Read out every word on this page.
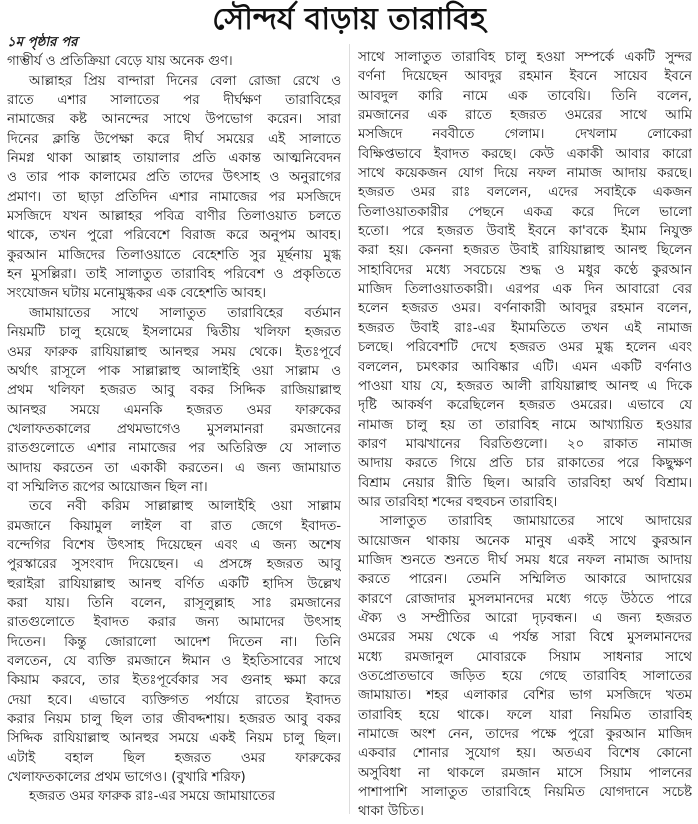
সৌন্দর্য বাড়ায় তারাবিহ
১ম পৃষ্ঠার পর
গাম্ভীর্য ও প্রতিক্রিয়া বেড়ে যায় অনেক গুণ।
আল্লাহর প্রিয় বান্দারা দিনের বেলা রোজা রেখে ও
রাতে এশার সালাতের পর দীর্ঘক্ষণ তারাবিহের
নামাজের কষ্ট আনন্দের সাথে উপভোগ করেন। সারা
দিনের ক্লান্তি উপেক্ষা করে দীর্ঘ সময়ের এই সালাতে
নিমগ্ন থাকা আল্লাহ তায়ালার প্রতি একান্ত আত্মনিবেদন
ও তার পাক কালামের প্রতি তাদের উৎসাহ ও অনুরাগের
প্রমাণ। তা ছাড়া প্রতিদিন এশার নামাজের পর মসজিদে
মসজিদে যখন আল্লাহর পবিত্র বাণীর তিলাওয়াত চলতে
থাকে, তখন পুরো পরিবেশে বিরাজ করে অনুপম আবহ।
কুরআন মাজিদের তিলাওয়াতে বেহেশতি সুর মূর্ছনায় মুগ্ধ
হন মুসল্লিরা। তাই সালাতুত তারাবিহ পরিবেশ ও প্রকৃতিতে
সংযোজন ঘটায় মনোমুগ্ধকর এক বেহেশতি আবহ।
জামায়াতের সাথে সালাতুত তারাবিহের বর্তমান
নিয়মটি চালু হয়েছে ইসলামের দ্বিতীয় খলিফা হজরত
ওমর ফারুক রাযিয়াল্লাহু আনহুর সময় থেকে। ইতঃপূর্বে
অর্থাৎ রাসূলে পাক সাল্লাল্লাহু আলাইহি ওয়া সাল্লাম ও
প্রথম খলিফা হজরত আবু বকর সিদ্দিক রাজিয়াল্লাহু
আনহুর সময়ে এমনকি হজরত ওমর ফারুকের
খেলাফতকালের প্রথমভাগেও মুসলমানরা রমজানের
রাতগুলোতে এশার নামাজের পর অতিরিক্ত যে সালাত
আদায় করতেন তা একাকী করতেন। এ জন্য জামায়াত
বা সম্মিলিত রূপের আয়োজন ছিল না।
তবে নবী করিম সাল্লাল্লাহু আলাইহি ওয়া সাল্লাম
রমজানে কিয়ামুল লাইল বা রাত জেগে ইবাদত-
বন্দেগির বিশেষ উৎসাহ দিয়েছেন এবং এ জন্য অশেষ
পুরস্কারের সুসংবাদ দিয়েছেন। এ প্রসঙ্গে হজরত আবু
হুরাইরা রাযিয়াল্লাহু আনহু বর্ণিত একটি হাদিস উল্লেখ
করা যায়। তিনি বলেন, রাসূলুল্লাহ সাঃ রমজানের
রাতগুলোতে ইবাদত করার জন্য আমাদের উৎসাহ
দিতেন। কিন্তু জোরালো আদেশ দিতেন না। তিনি
বলতেন, যে ব্যক্তি রমজানে ঈমান ও ইহতিসাবের সাথে
কিয়াম করবে, তার ইতঃপূর্বেকার সব গুনাহ ক্ষমা করে
দেয়া হবে। এভাবে ব্যক্তিগত পর্যায়ে রাতের ইবাদত
করার নিয়ম চালু ছিল তার জীবদ্দশায়। হজরত আবু বকর
সিদ্দিক রাযিয়াল্লাহু আনহুর সময়ে একই নিয়ম চালু ছিল।
এটাই বহাল ছিল হজরত ওমর ফারুকের
খেলাফতকালের প্রথম ভাগেও। (বুখারি শরিফ)
হজরত ওমর ফারুক রাঃ-এর সময়ে জামায়াতের
সাথে সালাতুত তারাবিহ চালু হওয়া সম্পর্কে একটি সুন্দর
বর্ণনা দিয়েছেন আবদুর রহমান ইবনে সায়েব ইবনে
আবদুল কারি নামে এক তাবেয়ি। তিনি বলেন,
রমজানের এক রাতে হজরত ওমরের সাথে আমি
মসজিদে নববীতে গেলাম। দেখলাম লোকেরা
বিক্ষিপ্তভাবে ইবাদত করছে। কেউ একাকী আবার কারো
সাথে কয়েকজন যোগ দিয়ে নফল নামাজ আদায় করছে।
হজরত ওমর রাঃ বললেন, এদের সবাইকে একজন
তিলাওয়াতকারীর পেছনে একত্র করে দিলে ভালো
হতো। পরে হজরত উবাই ইবনে কা'বকে ইমাম নিযুক্ত
করা হয়। কেননা হজরত উবাই রাযিয়াল্লাহু আনহু ছিলেন
সাহাবিদের মধ্যে সবচেয়ে শুদ্ধ ও মধুর কণ্ঠে কুরআন
মাজিদ তিলাওয়াতকারী। এরপর এক দিন আবারো বের
হলেন হজরত ওমর। বর্ণনাকারী আবদুর রহমান বলেন,
হজরত উবাই রাঃ-এর ইমামতিতে তখন এই নামাজ
চলছে। পরিবেশটি দেখে হজরত ওমর মুগ্ধ হলেন এবং
বললেন, চমৎকার আবিষ্কার এটি। এমন একটি বর্ণনাও
পাওয়া যায় যে, হজরত আলী রাযিয়াল্লাহু আনহু এ দিকে
দৃষ্টি আকর্ষণ করেছিলেন হজরত ওমরের। এভাবে যে
নামাজ চালু হয় তা তারাবিহ নামে আখ্যায়িত হওয়ার
কারণ মাঝখানের বিরতিগুলো। ২০ রাকাত নামাজ
আদায় করতে গিয়ে প্রতি চার রাকাতের পরে কিছুক্ষণ
বিশ্রাম নেয়ার রীতি ছিল। আরবি তারবিহা অর্থ বিশ্রাম।
আর তারবিহা শব্দের বহুবচন তারাবিহ।
সালাতুত তারাবিহ জামায়াতের সাথে আদায়ের
আয়োজন থাকায় অনেক মানুষ একই সাথে কুরআন
মাজিদ শুনতে শুনতে দীর্ঘ সময় ধরে নফল নামাজ আদায়
করতে পারেন। তেমনি সম্মিলিত আকারে আদায়ের
কারণে রোজাদার মুসলমানদের মধ্যে গড়ে উঠতে পারে
ঐক্য ও সম্প্রীতির আরো দৃঢ়বন্ধন। এ জন্য হজরত
ওমরের সময় থেকে এ পর্যন্ত সারা বিশ্বে মুসলমানদের
মধ্যে রমজানুল মোবারকে সিয়াম সাধনার সাথে
ওতপ্রোতভাবে জড়িত হয়ে গেছে তারাবিহ সালাতের
জামায়াত। শহর এলাকার বেশির ভাগ মসজিদে খতম
তারাবিহ হয়ে থাকে। ফলে যারা নিয়মিত তারাবিহ
নামাজে অংশ নেন, তাদের পক্ষে পুরো কুরআন মাজিদ
একবার শোনার সুযোগ হয়। অতএব বিশেষ কোনো
অসুবিধা না থাকলে রমজান মাসে সিয়াম পালনের
পাশাপাশি সালাতুত তারাবিহে নিয়মিত যোগদানে সচেষ্ট
থাকা উচিত।
